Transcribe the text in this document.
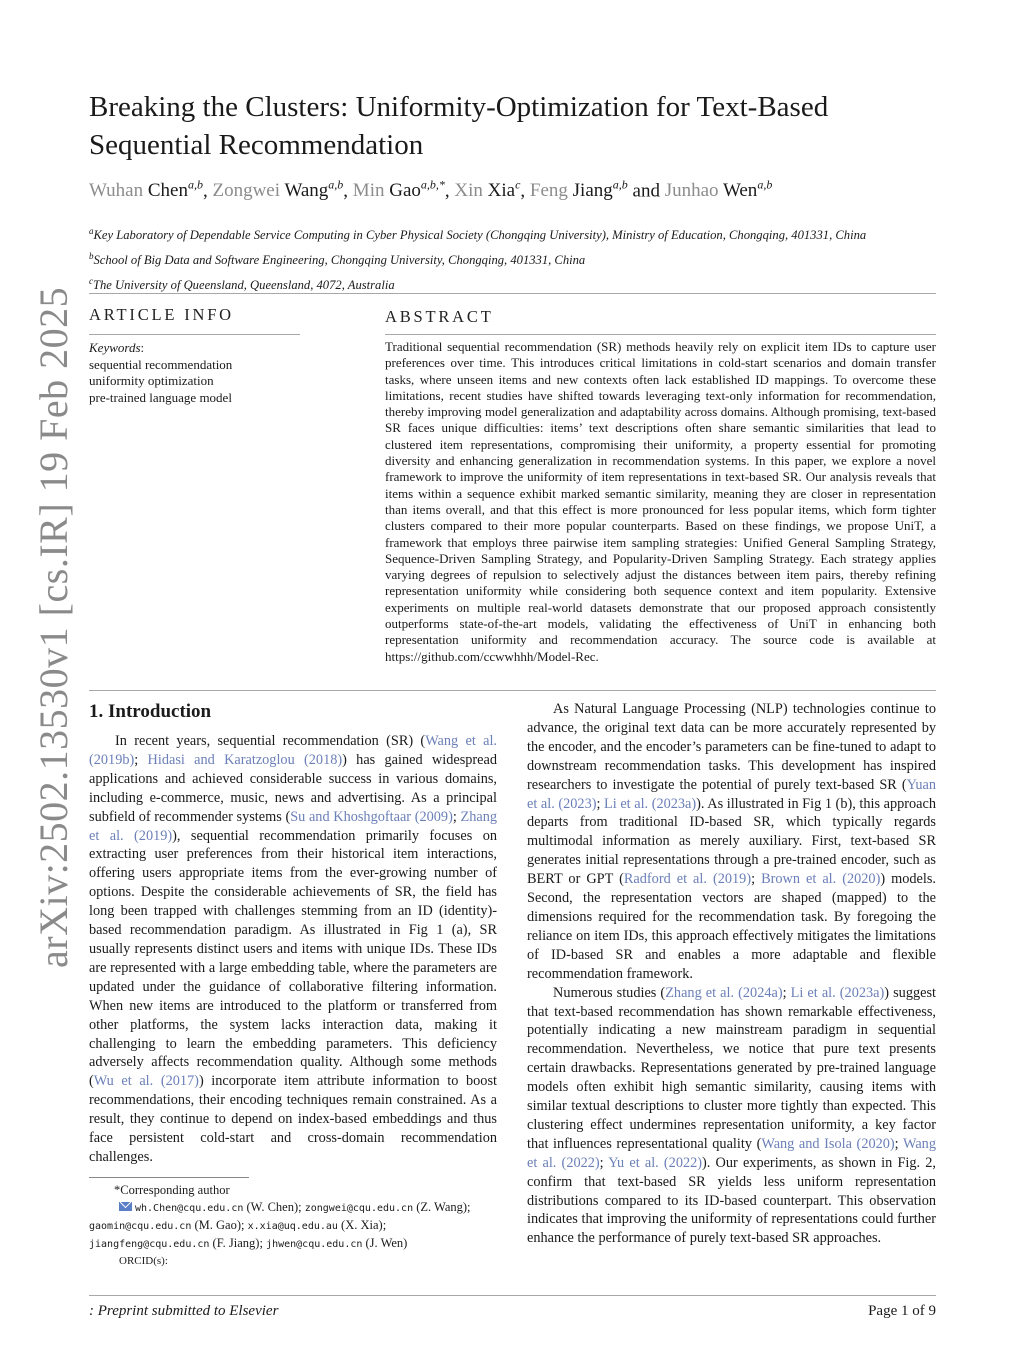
arXiv:2502.13530v1 [cs.IR] 19 Feb 2025
Breaking the Clusters: Uniformity-Optimization for Text-Based Sequential Recommendation
Wuhan Chen$^{a,b}$, Zongwei Wang$^{a,b}$, Min Gao$^{a,b,*}$, Xin Xia$^c$, Feng Jiang$^{a,b}$ and Junhao Wen$^{a,b}$
$^a$Key Laboratory of Dependable Service Computing in Cyber Physical Society (Chongqing University), Ministry of Education, Chongqing, 401331, China
$^b$School of Big Data and Software Engineering, Chongqing University, Chongqing, 401331, China
$^c$The University of Queensland, Queensland, 4072, Australia
ARTICLE INFO
Keywords:
sequential recommendation
uniformity optimization
pre-trained language model
ABSTRACT
Traditional sequential recommendation (SR) methods heavily rely on explicit item IDs to capture user preferences over time. This introduces critical limitations in cold-start scenarios and domain transfer tasks, where unseen items and new contexts often lack established ID mappings. To overcome these limitations, recent studies have shifted towards leveraging text-only information for recommendation, thereby improving model generalization and adaptability across domains. Although promising, text-based SR faces unique difficulties: items’ text descriptions often share semantic similarities that lead to clustered item representations, compromising their uniformity, a property essential for promoting diversity and enhancing generalization in recommendation systems. In this paper, we explore a novel framework to improve the uniformity of item representations in text-based SR. Our analysis reveals that items within a sequence exhibit marked semantic similarity, meaning they are closer in representation than items overall, and that this effect is more pronounced for less popular items, which form tighter clusters compared to their more popular counterparts. Based on these findings, we propose UniT, a framework that employs three pairwise item sampling strategies: Unified General Sampling Strategy, Sequence-Driven Sampling Strategy, and Popularity-Driven Sampling Strategy. Each strategy applies varying degrees of repulsion to selectively adjust the distances between item pairs, thereby refining representation uniformity while considering both sequence context and item popularity. Extensive experiments on multiple real-world datasets demonstrate that our proposed approach consistently outperforms state-of-the-art models, validating the effectiveness of UniT in enhancing both representation uniformity and recommendation accuracy. The source code is available at https://github.com/ccwwhhh/Model-Rec.
1. Introduction

In recent years, sequential recommendation (SR) (Wang et al. (2019b); Hidasi and Karatzoglou (2018)) has gained widespread applications and achieved considerable success in various domains, including e-commerce, music, news and advertising. As a principal subfield of recommender systems (Su and Khoshgoftaar (2009); Zhang et al. (2019)), sequential recommendation primarily focuses on extracting user preferences from their historical item interactions, offering users appropriate items from the ever-growing number of options. Despite the considerable achievements of SR, the field has long been trapped with challenges stemming from an ID (identity)-based recommendation paradigm. As illustrated in Fig 1 (a), SR usually represents distinct users and items with unique IDs. These IDs are represented with a large embedding table, where the parameters are updated under the guidance of collaborative filtering information. When new items are introduced to the platform or transferred from other platforms, the system lacks interaction data, making it challenging to learn the embedding parameters. This deficiency adversely affects recommendation quality. Although some methods (Wu et al. (2017)) incorporate item attribute information to boost recommendations, their encoding techniques remain constrained. As a result, they continue to depend on index-based embeddings and thus face persistent cold-start and cross-domain recommendation challenges.

As Natural Language Processing (NLP) technologies continue to advance, the original text data can be more accurately represented by the encoder, and the encoder’s parameters can be fine-tuned to adapt to downstream recommendation tasks. This development has inspired researchers to investigate the potential of purely text-based SR (Yuan et al. (2023); Li et al. (2023a)). As illustrated in Fig 1 (b), this approach departs from traditional ID-based SR, which typically regards multimodal information as merely auxiliary. First, text-based SR generates initial representations through a pre-trained encoder, such as BERT or GPT (Radford et al. (2019); Brown et al. (2020)) models. Second, the representation vectors are shaped (mapped) to the dimensions required for the recommendation task. By foregoing the reliance on item IDs, this approach effectively mitigates the limitations of ID-based SR and enables a more adaptable and flexible recommendation framework.

Numerous studies (Zhang et al. (2024a); Li et al. (2023a)) suggest that text-based recommendation has shown remarkable effectiveness, potentially indicating a new mainstream paradigm in sequential recommendation. Nevertheless, we notice that pure text presents certain drawbacks. Representations generated by pre-trained language models often exhibit high semantic similarity, causing items with similar textual descriptions to cluster more tightly than expected. This clustering effect undermines representation uniformity, a key factor that influences representational quality (Wang and Isola (2020); Wang et al. (2022); Yu et al. (2022)). Our experiments, as shown in Fig. 2, confirm that text-based SR yields less uniform representation distributions compared to its ID-based counterpart. This observation indicates that improving the uniformity of representations could further enhance the performance of purely text-based SR approaches.

*Corresponding author
wh.Chen@cqu.edu.cn (W. Chen); zongwei@cqu.edu.cn (Z. Wang);
gaomin@cqu.edu.cn (M. Gao); x.xia@uq.edu.au (X. Xia);
jiangfeng@cqu.edu.cn (F. Jiang); jhwen@cqu.edu.cn (J. Wen)
ORCID(s):
: Preprint submitted to Elsevier	Page 1 of 9
